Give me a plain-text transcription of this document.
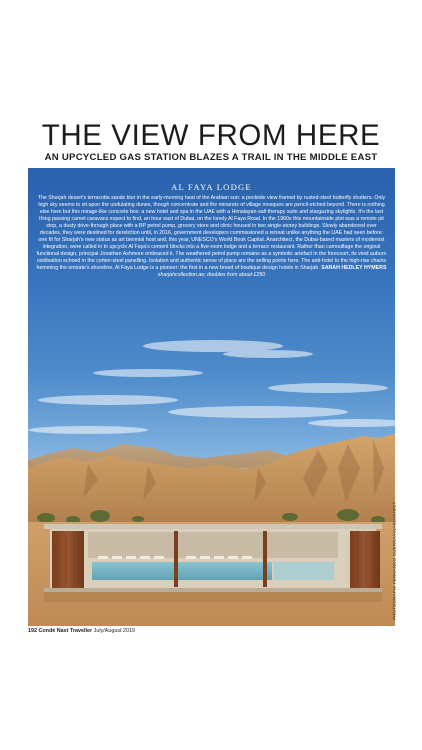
THE VIEW FROM HERE
AN UPCYCLED GAS STATION BLAZES A TRAIL IN THE MIDDLE EAST
AL FAYA LODGE

The Sharjah desert's terracotta sands blur in the early-morning heat of the Arabian sun: a poolside view framed by rusted-steel butterfly shutters. Only high sky seems to sit upon the undulating dunes, though concentrate and the minarets of village mosques are pencil-etched beyond. There is nothing else here but this mirage-like concrete box: a new hotel and spa in the UAE with a Himalayan-salt therapy suite and stargazing skylights. It's the last thing passing camel caravans expect to find, an hour east of Dubai, on the lonely Al Faya Road. In the 1960s this mountainside plot was a remote pit stop, a dusty drive-through place with a BP petrol pump, grocery store and clinic housed in two single-storey buildings. Slowly abandoned over decades, they were destined for dereliction until, in 2016, government developers commissioned a retreat unlike anything the UAE had seen before: one fit for Sharjah's new status as art biennial host and, this year, UNESCO's World Book Capital. Anarchitect, the Dubai-based masters of modernist integration, were called in to upcycle Al Faya's cement blocks into a five-room lodge and a terrace restaurant. Rather than camouflage the original functional design, principal Jonathan Ashmore embraced it. The weathered petrol pump remains as a symbolic artefact in the forecourt, its vivid auburn oxidisation echoed in the corten-steel panelling. Isolation and authentic sense of place are the selling points here. The anti-hotel to the high-rise chains hemming the emirate's shoreline, Al Faya Lodge is a pioneer: the first in a new breed of boutique design hotels in Sharjah. SARAH HEDLEY HYMERS sharjahcollection.ae; doubles from about £250

PHOTOGRAPH: FERNANDO GUERRA/ANARCHITECT
192 Condé Nast Traveller July/August 2019
